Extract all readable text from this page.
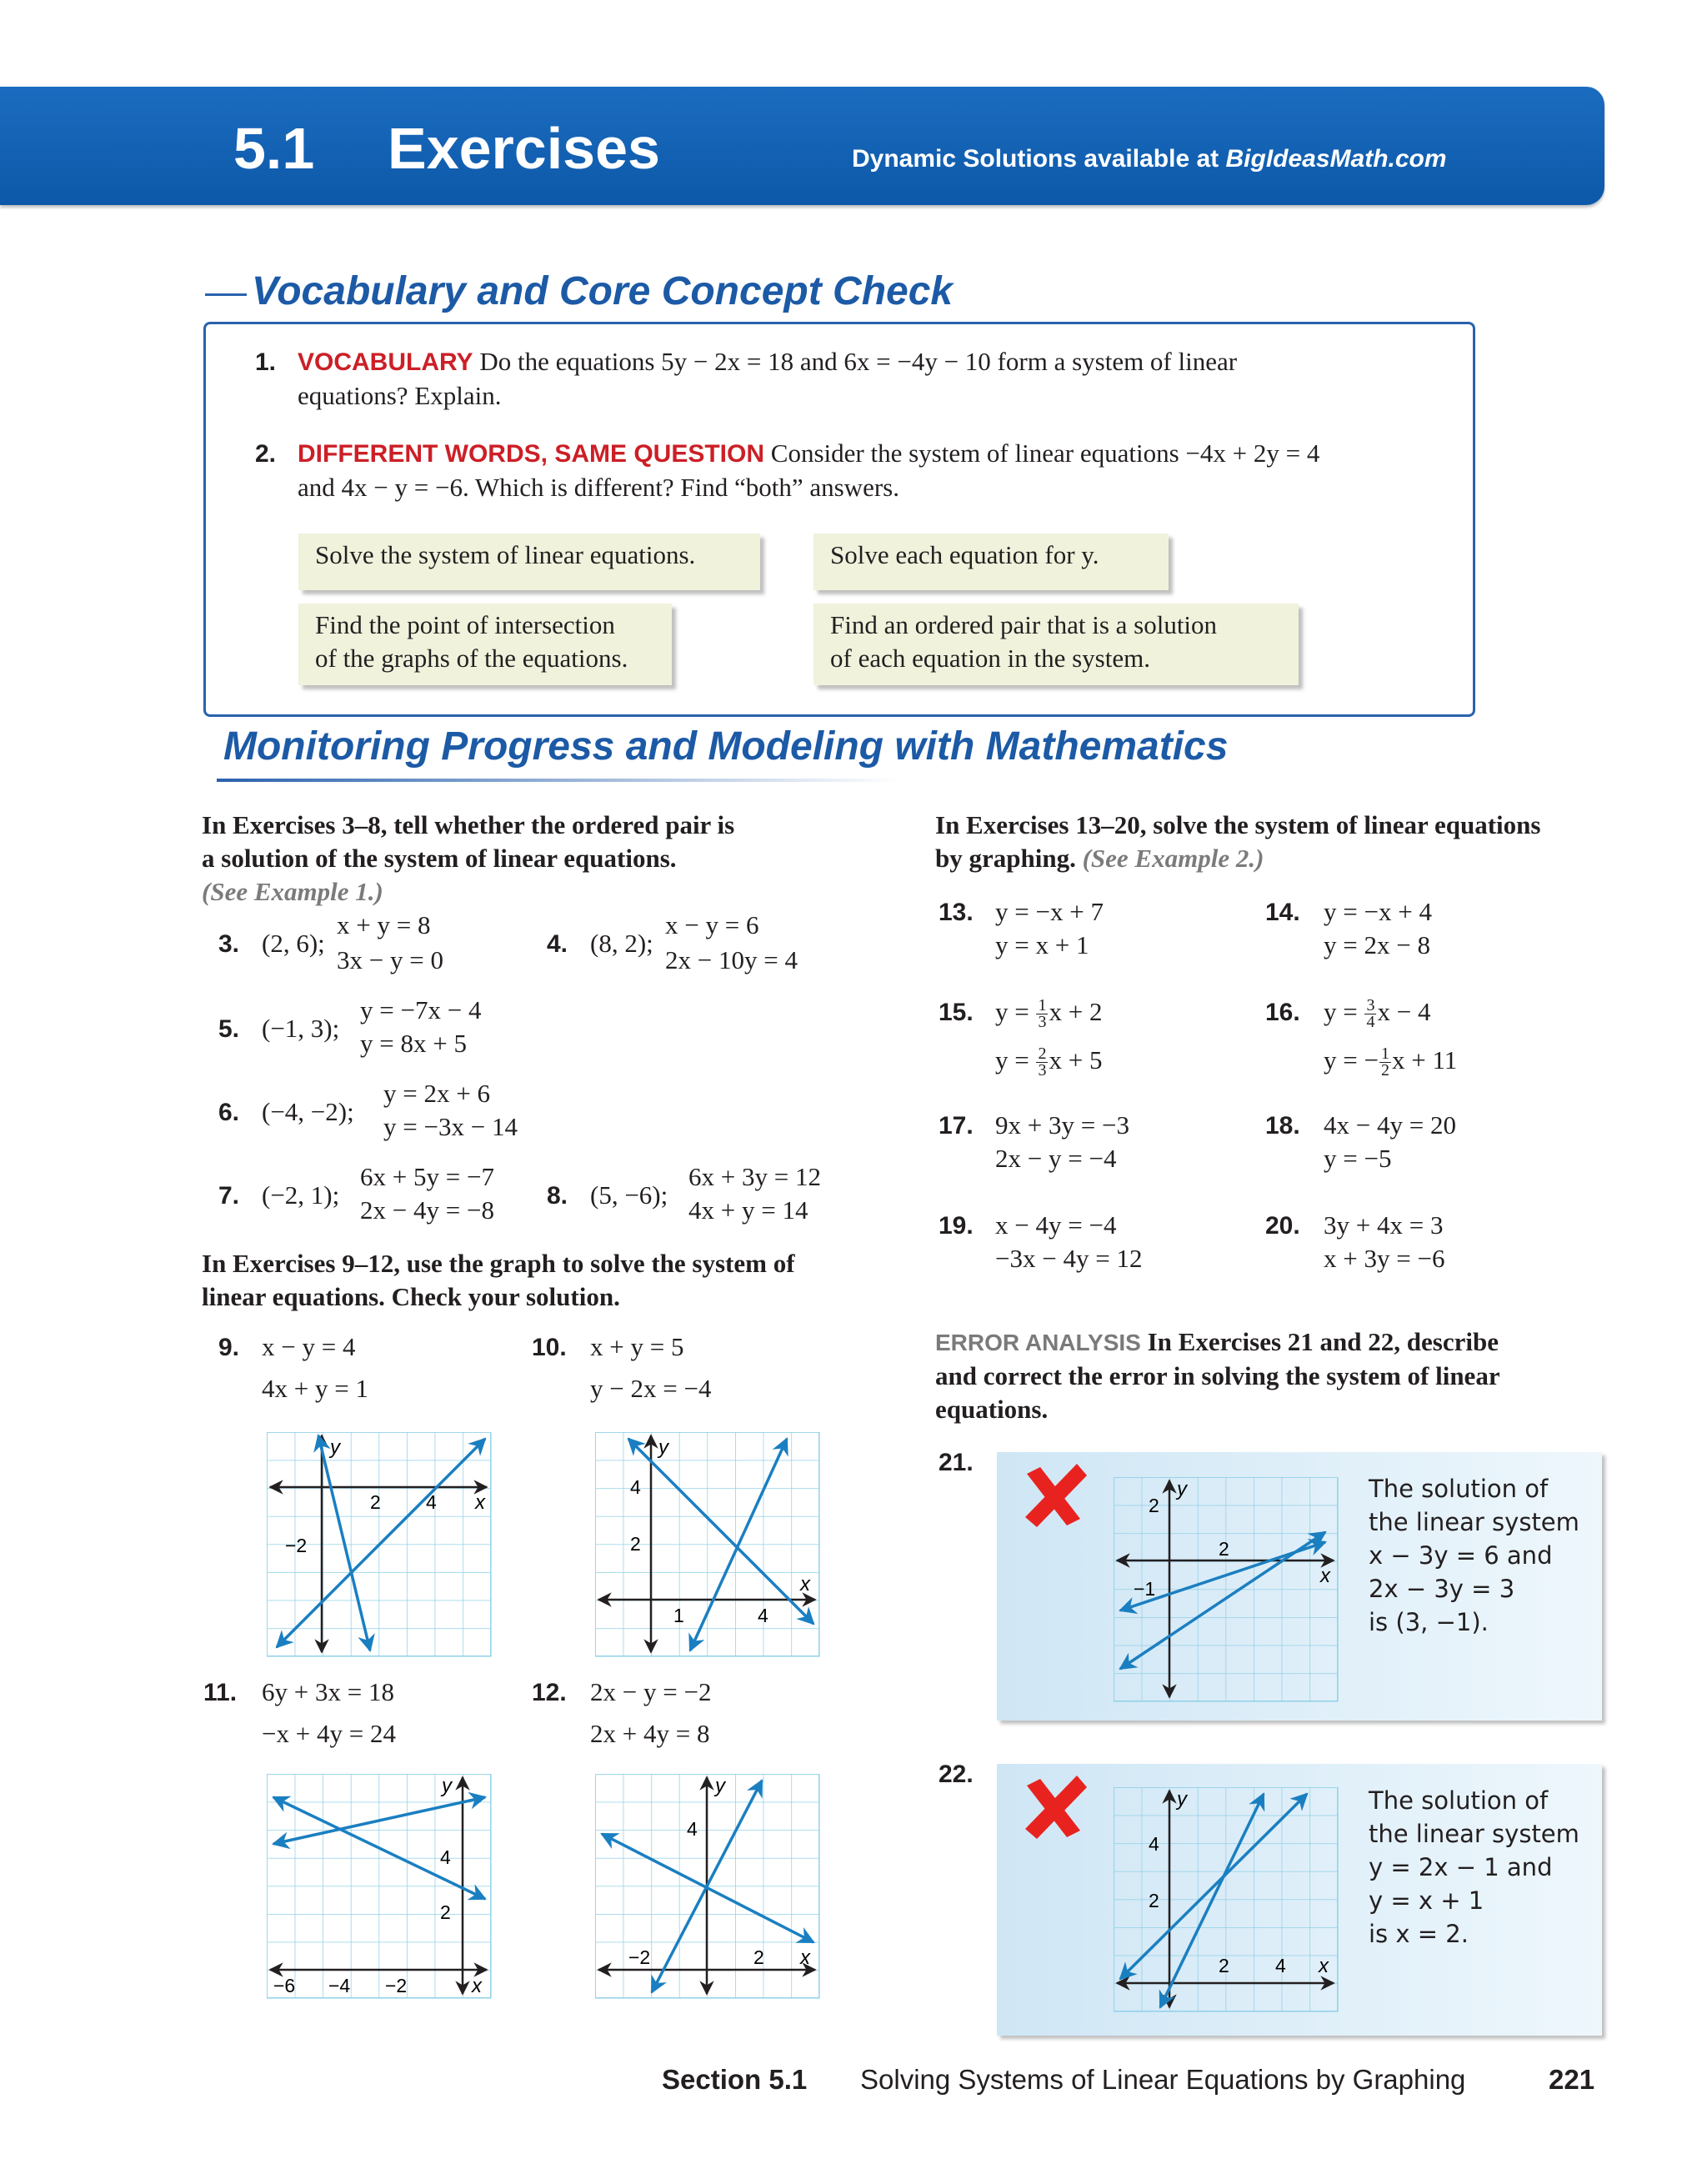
5.1 Exercises	Dynamic Solutions available at BigIdeasMath.com
Vocabulary and Core Concept Check
1. VOCABULARY Do the equations 5y − 2x = 18 and 6x = −4y − 10 form a system of linear
equations? Explain.
2. DIFFERENT WORDS, SAME QUESTION Consider the system of linear equations −4x + 2y = 4
and 4x − y = −6. Which is different? Find “both” answers.
Solve the system of linear equations.	Solve each equation for y.
Find the point of intersection
of the graphs of the equations.
Find an ordered pair that is a solution
of each equation in the system.
Monitoring Progress and Modeling with Mathematics
In Exercises 3–8, tell whether the ordered pair is
a solution of the system of linear equations.
(See Example 1.)
3. (2, 6);
x + y = 8
3x − y = 0
4. (8, 2);
x − y = 6
2x − 10y = 4
5. (−1, 3);
y = −7x − 4
y = 8x + 5
6. (−4, −2);
y = 2x + 6
y = −3x − 14
7. (−2, 1);
6x + 5y = −7
2x − 4y = −8 8. (5, −6);
6x + 3y = 12
4x + y = 14
In Exercises 9–12, use the graph to solve the system of
linear equations. Check your solution.
9. x − y = 4
4x + y = 1
10. x + y = 5
y − 2x = −4
y
x
2 4
−2
y
x
4
2
1	4
11. 6y + 3x = 18
−x + 4y = 24
12. 2x − y = −2
2x + 4y = 8
y
x
4
2
−6 −4 −2
y
x
4
−2	2
In Exercises 13–20, solve the system of linear equations
by graphing. (See Example 2.)
13. y = −x + 7
y = x + 1
14. y = −x + 4
y = 2x − 8
15. $y = \frac{1}{3}$ x + 2
$y = \frac{2}{3}$ x + 5
16. $y = \frac{3}{4}$ x − 4
y = − $\frac{1}{2}$ x + 11
17. 9x + 3y = −3
2x − y = −4
18. 4x − 4y = 20
y = −5
19. x − 4y = −4
−3x − 4y = 12
20. 3y + 4x = 3
x + 3y = −6
ERROR ANALYSIS In Exercises 21 and 22, describe
and correct the error in solving the system of linear
equations.
21.
y
x
2
2
−1
The solution of
the linear system
x − 3y = 6 and
2x − 3y = 3
is (3, −1).
22.
y
x
4
2
2 4
The solution of
the linear system
y = 2x − 1 and
y = x + 1
is x = 2.
Section 5.1 Solving Systems of Linear Equations by Graphing	221
